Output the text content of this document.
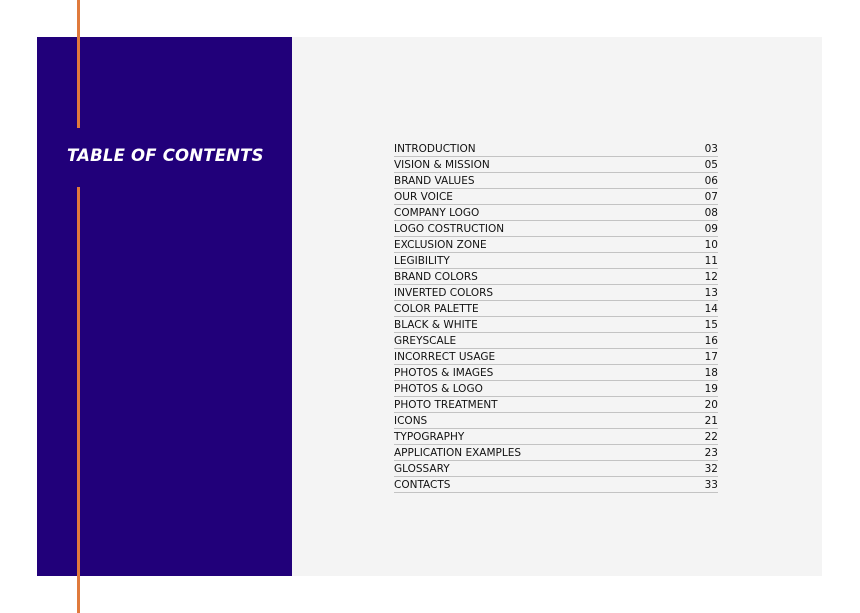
TABLE OF CONTENTS	INTRODUCTION	03
VISION & MISSION	05
BRAND VALUES	06
OUR VOICE	07
COMPANY LOGO	08
LOGO COSTRUCTION	09
EXCLUSION ZONE	10
LEGIBILITY	11
BRAND COLORS	12
INVERTED COLORS	13
COLOR PALETTE	14
BLACK & WHITE	15
GREYSCALE	16
INCORRECT USAGE	17
PHOTOS & IMAGES	18
PHOTOS & LOGO	19
PHOTO TREATMENT	20
ICONS	21
TYPOGRAPHY	22
APPLICATION EXAMPLES	23
GLOSSARY	32
CONTACTS	33
